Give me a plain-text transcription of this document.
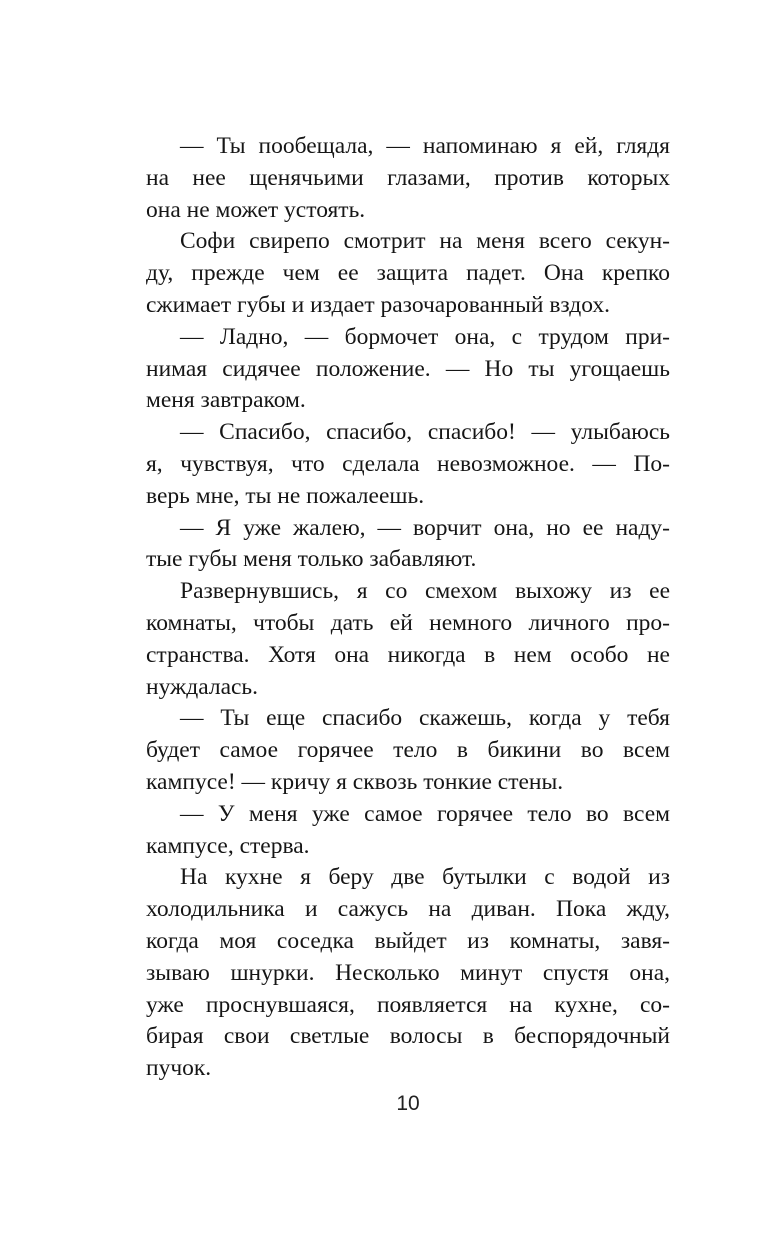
— Ты пообещала, — напоминаю я ей, глядя
на нее щенячьими глазами, против которых
она не может устоять.
Софи свирепо смотрит на меня всего секун-
ду, прежде чем ее защита падет. Она крепко
сжимает губы и издает разочарованный вздох.
— Ладно, — бормочет она, с трудом при-
нимая сидячее положение. — Но ты угощаешь
меня завтраком.
— Спасибо, спасибо, спасибо! — улыбаюсь
я, чувствуя, что сделала невозможное. — По-
верь мне, ты не пожалеешь.
— Я уже жалею, — ворчит она, но ее наду-
тые губы меня только забавляют.
Развернувшись, я со смехом выхожу из ее
комнаты, чтобы дать ей немного личного про-
странства. Хотя она никогда в нем особо не
нуждалась.
— Ты еще спасибо скажешь, когда у тебя
будет самое горячее тело в бикини во всем
кампусе! — кричу я сквозь тонкие стены.
— У меня уже самое горячее тело во всем
кампусе, стерва.
На кухне я беру две бутылки с водой из
холодильника и сажусь на диван. Пока жду,
когда моя соседка выйдет из комнаты, завя-
зываю шнурки. Несколько минут спустя она,
уже проснувшаяся, появляется на кухне, со-
бирая свои светлые волосы в беспорядочный
пучок.
10
